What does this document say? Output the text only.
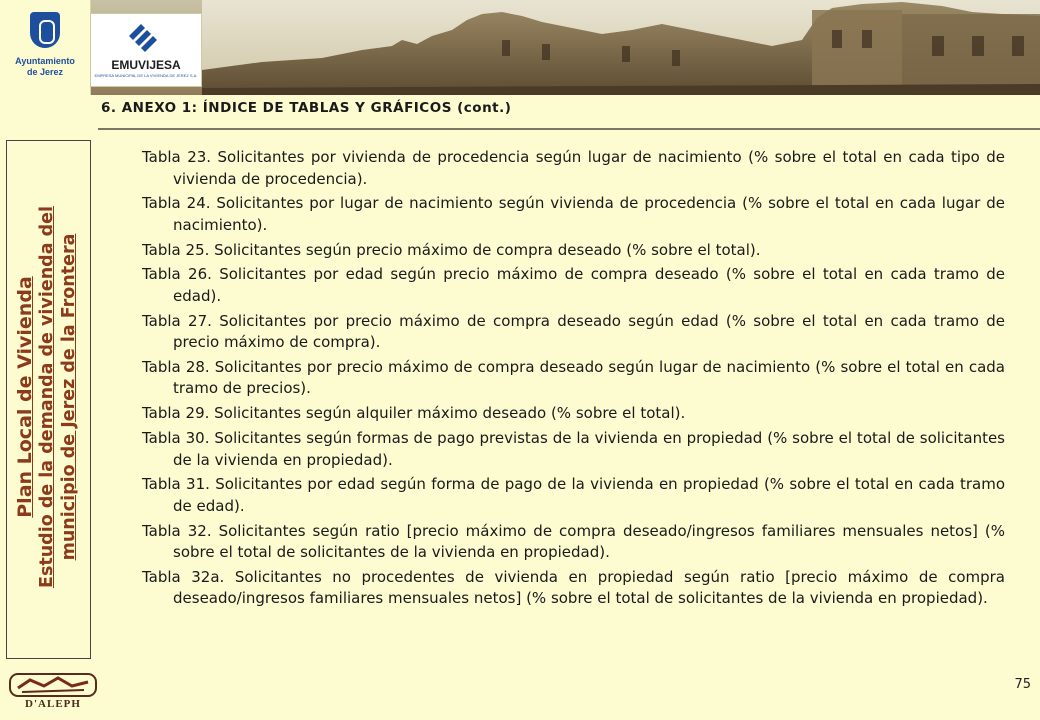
Ayuntamiento
de Jerez	EMUVIJESA
EMPRESA MUNICIPAL DE LA VIVIENDA DE JEREZ S.A.
6. ANEXO 1: ÍNDICE DE TABLAS Y GRÁFICOS (cont.)
Plan Local de Vivienda Estudio de la demanda de vivienda del municipio de Jerez de la Frontera
Tabla 23. Solicitantes por vivienda de procedencia según lugar de nacimiento (% sobre el total en cada tipo de vivienda de procedencia).
Tabla 24. Solicitantes por lugar de nacimiento según vivienda de procedencia (% sobre el total en cada lugar de nacimiento).
Tabla 25. Solicitantes según precio máximo de compra deseado (% sobre el total).
Tabla 26. Solicitantes por edad según precio máximo de compra deseado (% sobre el total en cada tramo de edad).
Tabla 27. Solicitantes por precio máximo de compra deseado según edad (% sobre el total en cada tramo de precio máximo de compra).
Tabla 28. Solicitantes por precio máximo de compra deseado según lugar de nacimiento (% sobre el total en cada tramo de precios).
Tabla 29. Solicitantes según alquiler máximo deseado (% sobre el total).
Tabla 30. Solicitantes según formas de pago previstas de la vivienda en propiedad (% sobre el total de solicitantes de la vivienda en propiedad).
Tabla 31. Solicitantes por edad según forma de pago de la vivienda en propiedad (% sobre el total en cada tramo de edad).
Tabla 32. Solicitantes según ratio [precio máximo de compra deseado/ingresos familiares mensuales netos] (% sobre el total de solicitantes de la vivienda en propiedad).
Tabla 32a. Solicitantes no procedentes de vivienda en propiedad según ratio [precio máximo de compra deseado/ingresos familiares mensuales netos] (% sobre el total de solicitantes de la vivienda en propiedad).
D'ALEPH
75
